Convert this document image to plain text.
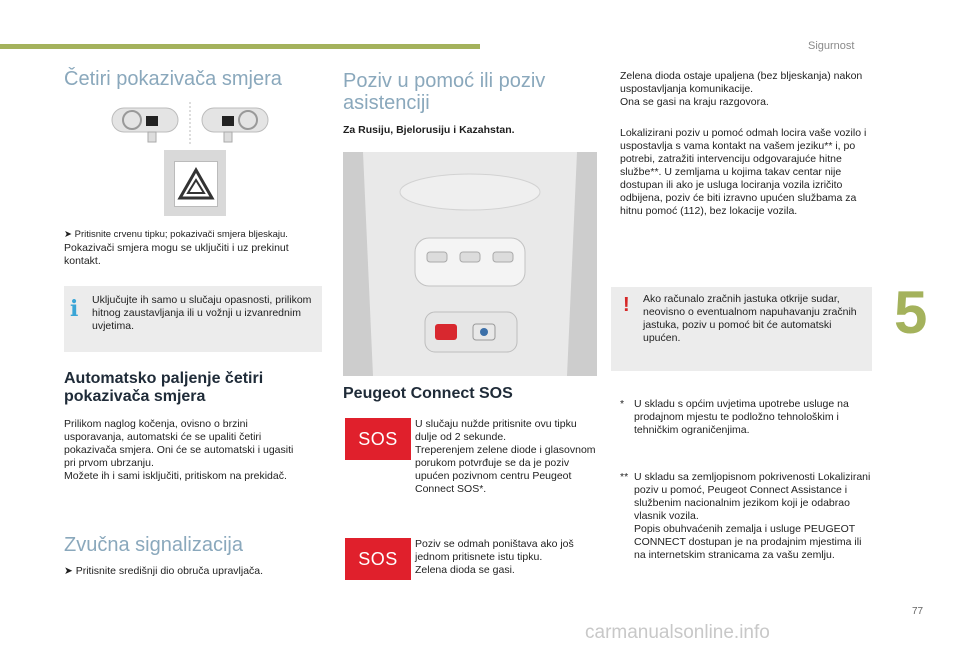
Sigurnost
5
77
carmanualsonline.info
Četiri pokazivača smjera
➤ Pritisnite crvenu tipku; pokazivači smjera bljeskaju.
Pokazivači smjera mogu se uključiti i uz prekinut kontakt.
i Uključujte ih samo u slučaju opasnosti, prilikom hitnog zaustavljanja ili u vožnji u izvanrednim uvjetima.
Automatsko paljenje četiri pokazivača smjera
Prilikom naglog kočenja, ovisno o brzini usporavanja, automatski će se upaliti četiri pokazivača smjera. Oni će se automatski i ugasiti pri prvom ubrzanju.
Možete ih i sami isključiti, pritiskom na prekidač.
Zvučna signalizacija
➤ Pritisnite središnji dio obruča upravljača.
Poziv u pomoć ili poziv asistenciji
Za Rusiju, Bjelorusiju i Kazahstan.
Peugeot Connect SOS
SOS
U slučaju nužde pritisnite ovu tipku dulje od 2 sekunde.
Treperenjem zelene diode i glasovnom porukom potvrđuje se da je poziv upućen pozivnom centru Peugeot Connect SOS*.
SOS
Poziv se odmah poništava ako još jednom pritisnete istu tipku.
Zelena dioda se gasi.
Zelena dioda ostaje upaljena (bez bljeskanja) nakon uspostavljanja komunikacije.
Ona se gasi na kraju razgovora.
Lokalizirani poziv u pomoć odmah locira vaše vozilo i uspostavlja s vama kontakt na vašem jeziku** i, po potrebi, zatražiti intervenciju odgovarajuće hitne službe**. U zemljama u kojima takav centar nije dostupan ili ako je usluga lociranja vozila izričito odbijena, poziv će biti izravno upućen službama za hitnu pomoć (112), bez lokacije vozila.
! Ako računalo zračnih jastuka otkrije sudar, neovisno o eventualnom napuhavanju zračnih jastuka, poziv u pomoć bit će automatski upućen.
* U skladu s općim uvjetima upotrebe usluge na prodajnom mjestu te podložno tehnološkim i tehničkim ograničenjima.
** U skladu sa zemljopisnom pokrivenosti Lokalizirani poziv u pomoć, Peugeot Connect Assistance i službenim nacionalnim jezikom koji je odabrao vlasnik vozila.
Popis obuhvaćenih zemalja i usluge PEUGEOT CONNECT dostupan je na prodajnim mjestima ili na internetskim stranicama za vašu zemlju.
